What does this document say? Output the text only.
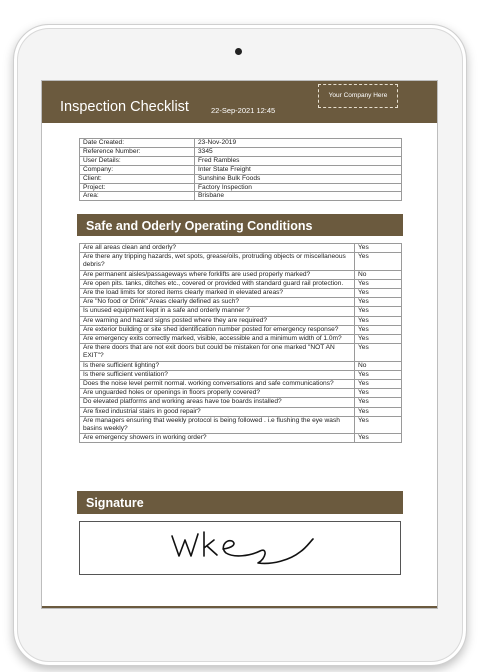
Inspection Checklist	22-Sep-2021 12:45
Your Company Here
Date Created:	23-Nov-2019
Reference Number:	3345
User Details:	Fred Rambles
Company:	Inter State Freight
Client:	Sunshine Bulk Foods
Project:	Factory Inspection
Area:	Brisbane
Safe and Oderly Operating Conditions
Are all areas clean and orderly?	Yes
Are there any tripping hazards, wet spots, grease/oils, protruding objects or miscellaneous debris?	Yes
Are permanent aisles/passageways where forklifts are used properly marked?	No
Are open pits. tanks, ditches etc., covered or provided with standard guard rail protection.	Yes
Are the load limits for stored items clearly marked in elevated areas?	Yes
Are "No food or Drink" Areas clearly defined as such?	Yes
Is unused equipment kept in a safe and orderly manner ?	Yes
Are warning and hazard signs posted where they are required?	Yes
Are exterior building or site shed identification number posted for emergency response?	Yes
Are emergency exits correctly marked, visible, accessible and a minimum width of 1.0m?	Yes
Are there doors that are not exit doors but could be mistaken for one marked "NOT AN EXIT"?	Yes
Is there sufficient lighting?	No
Is there sufficient ventilation?	Yes
Does the noise level permit normal. working conversations and safe communications?	Yes
Are unguarded holes or openings in floors properly covered?	Yes
Do elevated platforms and working areas have toe boards installed?	Yes
Are fixed industrial stairs in good repair?	Yes
Are managers ensuring that weekly protocol is being followed . i.e flushing the eye wash basins weekly?	Yes
Are emergency showers in working order?	Yes
Signature
